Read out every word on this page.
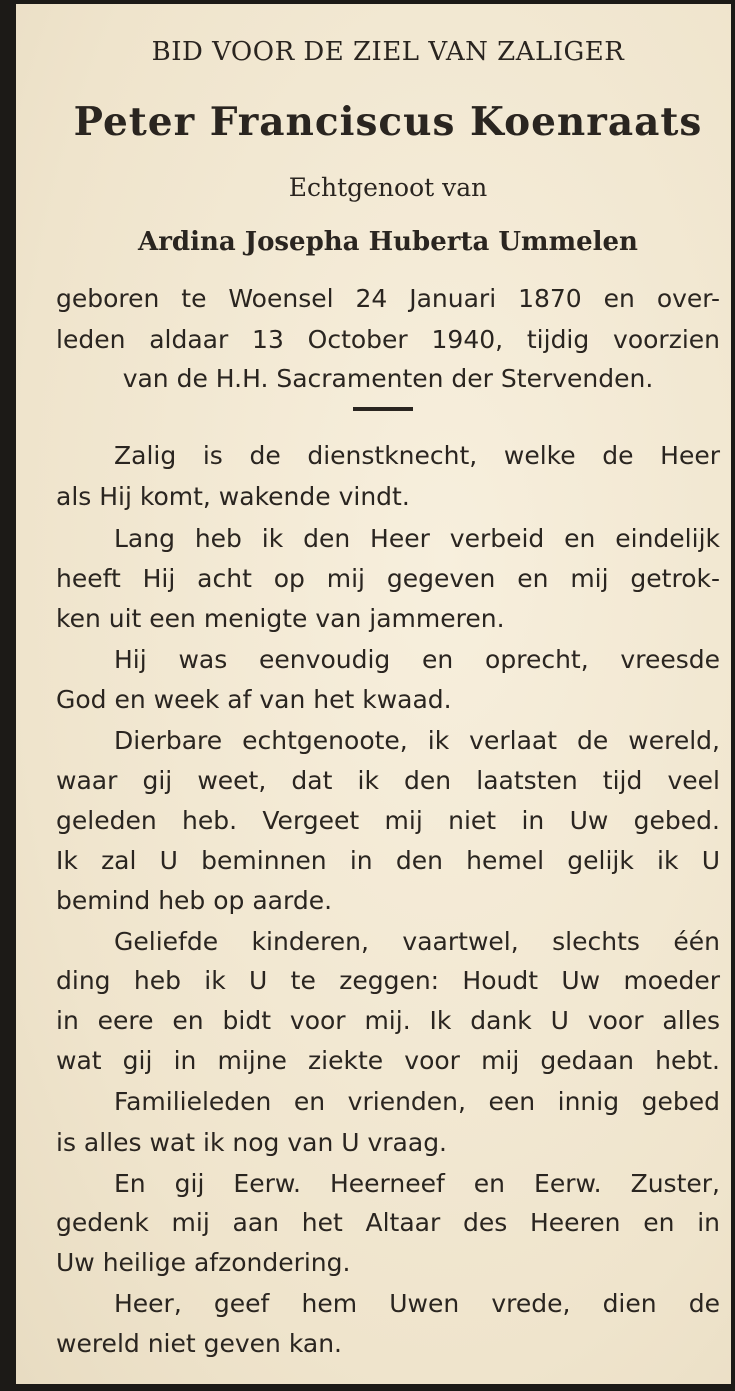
BID VOOR DE ZIEL VAN ZALIGER

Peter Franciscus Koenraats

Echtgenoot van

Ardina Josepha Huberta Ummelen

geboren te Woensel 24 Januari 1870 en over-

leden aldaar 13 October 1940, tijdig voorzien

van de H.H. Sacramenten der Stervenden.

Zalig is de dienstknecht, welke de Heer

als Hij komt, wakende vindt.

Lang heb ik den Heer verbeid en eindelijk

heeft Hij acht op mij gegeven en mij getrok-

ken uit een menigte van jammeren.

Hij was eenvoudig en oprecht, vreesde

God en week af van het kwaad.

Dierbare echtgenoote, ik verlaat de wereld,

waar gij weet, dat ik den laatsten tijd veel

geleden heb. Vergeet mij niet in Uw gebed.

Ik zal U beminnen in den hemel gelijk ik U

bemind heb op aarde.

Geliefde kinderen, vaartwel, slechts één

ding heb ik U te zeggen: Houdt Uw moeder

in eere en bidt voor mij. Ik dank U voor alles

wat gij in mijne ziekte voor mij gedaan hebt.

Familieleden en vrienden, een innig gebed

is alles wat ik nog van U vraag.

En gij Eerw. Heerneef en Eerw. Zuster,

gedenk mij aan het Altaar des Heeren en in

Uw heilige afzondering.

Heer, geef hem Uwen vrede, dien de

wereld niet geven kan.
